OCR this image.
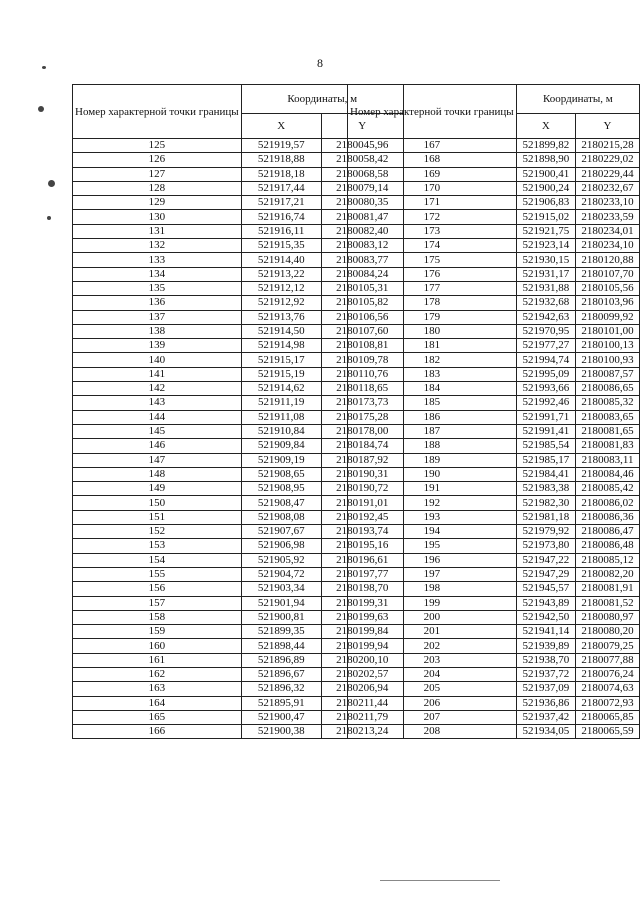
8
Номер характерной точки границы	Координаты, м	
	X	Y
125	521919,57	2180045,96
126	521918,88	2180058,42
127	521918,18	2180068,58
128	521917,44	2180079,14
129	521917,21	2180080,35
130	521916,74	2180081,47
131	521916,11	2180082,40
132	521915,35	2180083,12
133	521914,40	2180083,77
134	521913,22	2180084,24
135	521912,12	2180105,31
136	521912,92	2180105,82
137	521913,76	2180106,56
138	521914,50	2180107,60
139	521914,98	2180108,81
140	521915,17	2180109,78
141	521915,19	2180110,76
142	521914,62	2180118,65
143	521911,19	2180173,73
144	521911,08	2180175,28
145	521910,84	2180178,00
146	521909,84	2180184,74
147	521909,19	2180187,92
148	521908,65	2180190,31
149	521908,95	2180190,72
150	521908,47	2180191,01
151	521908,08	2180192,45
152	521907,67	2180193,74
153	521906,98	2180195,16
154	521905,92	2180196,61
155	521904,72	2180197,77
156	521903,34	2180198,70
157	521901,94	2180199,31
158	521900,81	2180199,63
159	521899,35	2180199,84
160	521898,44	2180199,94
161	521896,89	2180200,10
162	521896,67	2180202,57
163	521896,32	2180206,94
164	521895,91	2180211,44
165	521900,47	2180211,79
166	521900,38	2180213,24
Номер характерной точки границы	Координаты, м	
	X	Y
167	521899,82	2180215,28
168	521898,90	2180229,02
169	521900,41	2180229,44
170	521900,24	2180232,67
171	521906,83	2180233,10
172	521915,02	2180233,59
173	521921,75	2180234,01
174	521923,14	2180234,10
175	521930,15	2180120,88
176	521931,17	2180107,70
177	521931,88	2180105,56
178	521932,68	2180103,96
179	521942,63	2180099,92
180	521970,95	2180101,00
181	521977,27	2180100,13
182	521994,74	2180100,93
183	521995,09	2180087,57
184	521993,66	2180086,65
185	521992,46	2180085,32
186	521991,71	2180083,65
187	521991,41	2180081,65
188	521985,54	2180081,83
189	521985,17	2180083,11
190	521984,41	2180084,46
191	521983,38	2180085,42
192	521982,30	2180086,02
193	521981,18	2180086,36
194	521979,92	2180086,47
195	521973,80	2180086,48
196	521947,22	2180085,12
197	521947,29	2180082,20
198	521945,57	2180081,91
199	521943,89	2180081,52
200	521942,50	2180080,97
201	521941,14	2180080,20
202	521939,89	2180079,25
203	521938,70	2180077,88
204	521937,72	2180076,24
205	521937,09	2180074,63
206	521936,86	2180072,93
207	521937,42	2180065,85
208	521934,05	2180065,59
